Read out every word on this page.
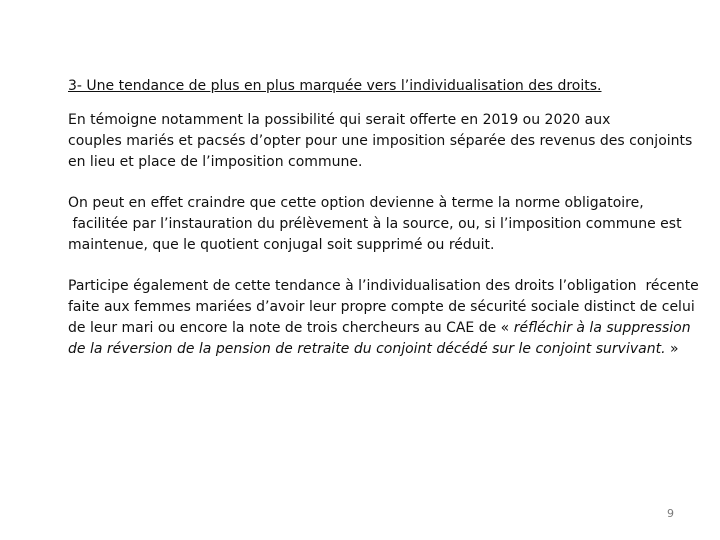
3- Une tendance de plus en plus marquée vers l’individualisation des droits.
En témoigne notamment la possibilité qui serait offerte en 2019 ou 2020 aux
couples mariés et pacsés d’opter pour une imposition séparée des revenus des conjoints
en lieu et place de l’imposition commune.
On peut en effet craindre que cette option devienne à terme la norme obligatoire,
facilitée par l’instauration du prélèvement à la source, ou, si l’imposition commune est
maintenue, que le quotient conjugal soit supprimé ou réduit.
Participe également de cette tendance à l’individualisation des droits l’obligation  récente
faite aux femmes mariées d’avoir leur propre compte de sécurité sociale distinct de celui
de leur mari ou encore la note de trois chercheurs au CAE de « réfléchir à la suppression
de la réversion de la pension de retraite du conjoint décédé sur le conjoint survivant. »
9
